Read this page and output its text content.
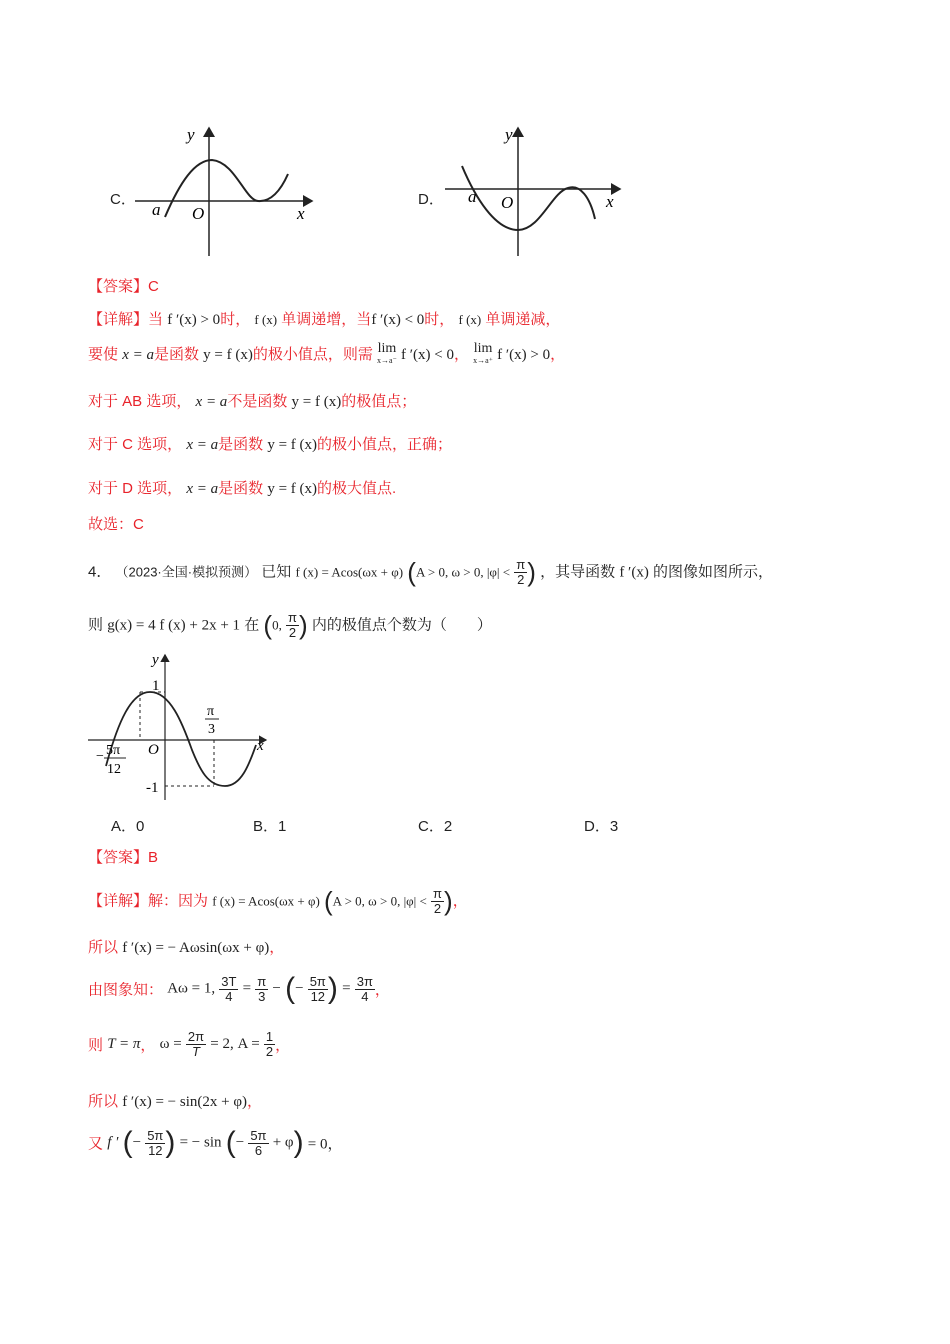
C．
y
x
O
a
D．
y
x
O
a
【答案】C
【详解】当 f ′(x) > 0时， f (x) 单调递增，当f ′(x) < 0时， f (x) 单调递减，
要使 x = a是函数 y = f (x)的极小值点，则需 lim
x→a⁻ f ′(x) < 0， lim
x→a⁺ f ′(x) > 0，
对于 AB 选项， x = a不是函数 y = f (x)的极值点；
对于 C 选项， x = a是函数 y = f (x)的极小值点，正确；
对于 D 选项， x = a是函数 y = f (x)的极大值点.
故选：C
4． （2023·全国·模拟预测） 已知 f (x) = Acos(ωx + φ) (A > 0, ω > 0, $|\varphi| < \frac{\pi}{2}$ ) ，其导函数 f ′(x) 的图像如图所示，
则 g(x) = 4 f (x) + 2x + 1 在 (0, $\frac{\pi}{2}$ ) 内的极值点个数为（　　）
y
x
O
1
-1
π
3
− 5π
12
A．0	B．1	C．2	D．3
【答案】B
【详解】解：因为 f (x) = Acos(ωx + φ) (A > 0, ω > 0, $|\varphi| < \frac{\pi}{2}$ )，
所以 f ′(x) = − Aωsin(ωx + φ)，
由图象知： Aω = 1, $\frac{3T}{4} = \frac{\pi}{3}$ − (− $\frac{5\pi}{12}$ ) = $\frac{3\pi}{4}$ ，
则 T = π， $\omega = \frac{2\pi}{T} = 2$, $A = \frac{1}{2}$ ，
所以 f ′(x) = − sin(2x + φ)，
又 f ′ (− $\frac{5\pi}{12}$ ) = − sin (− $\frac{5\pi}{6} + \varphi) = 0$，
